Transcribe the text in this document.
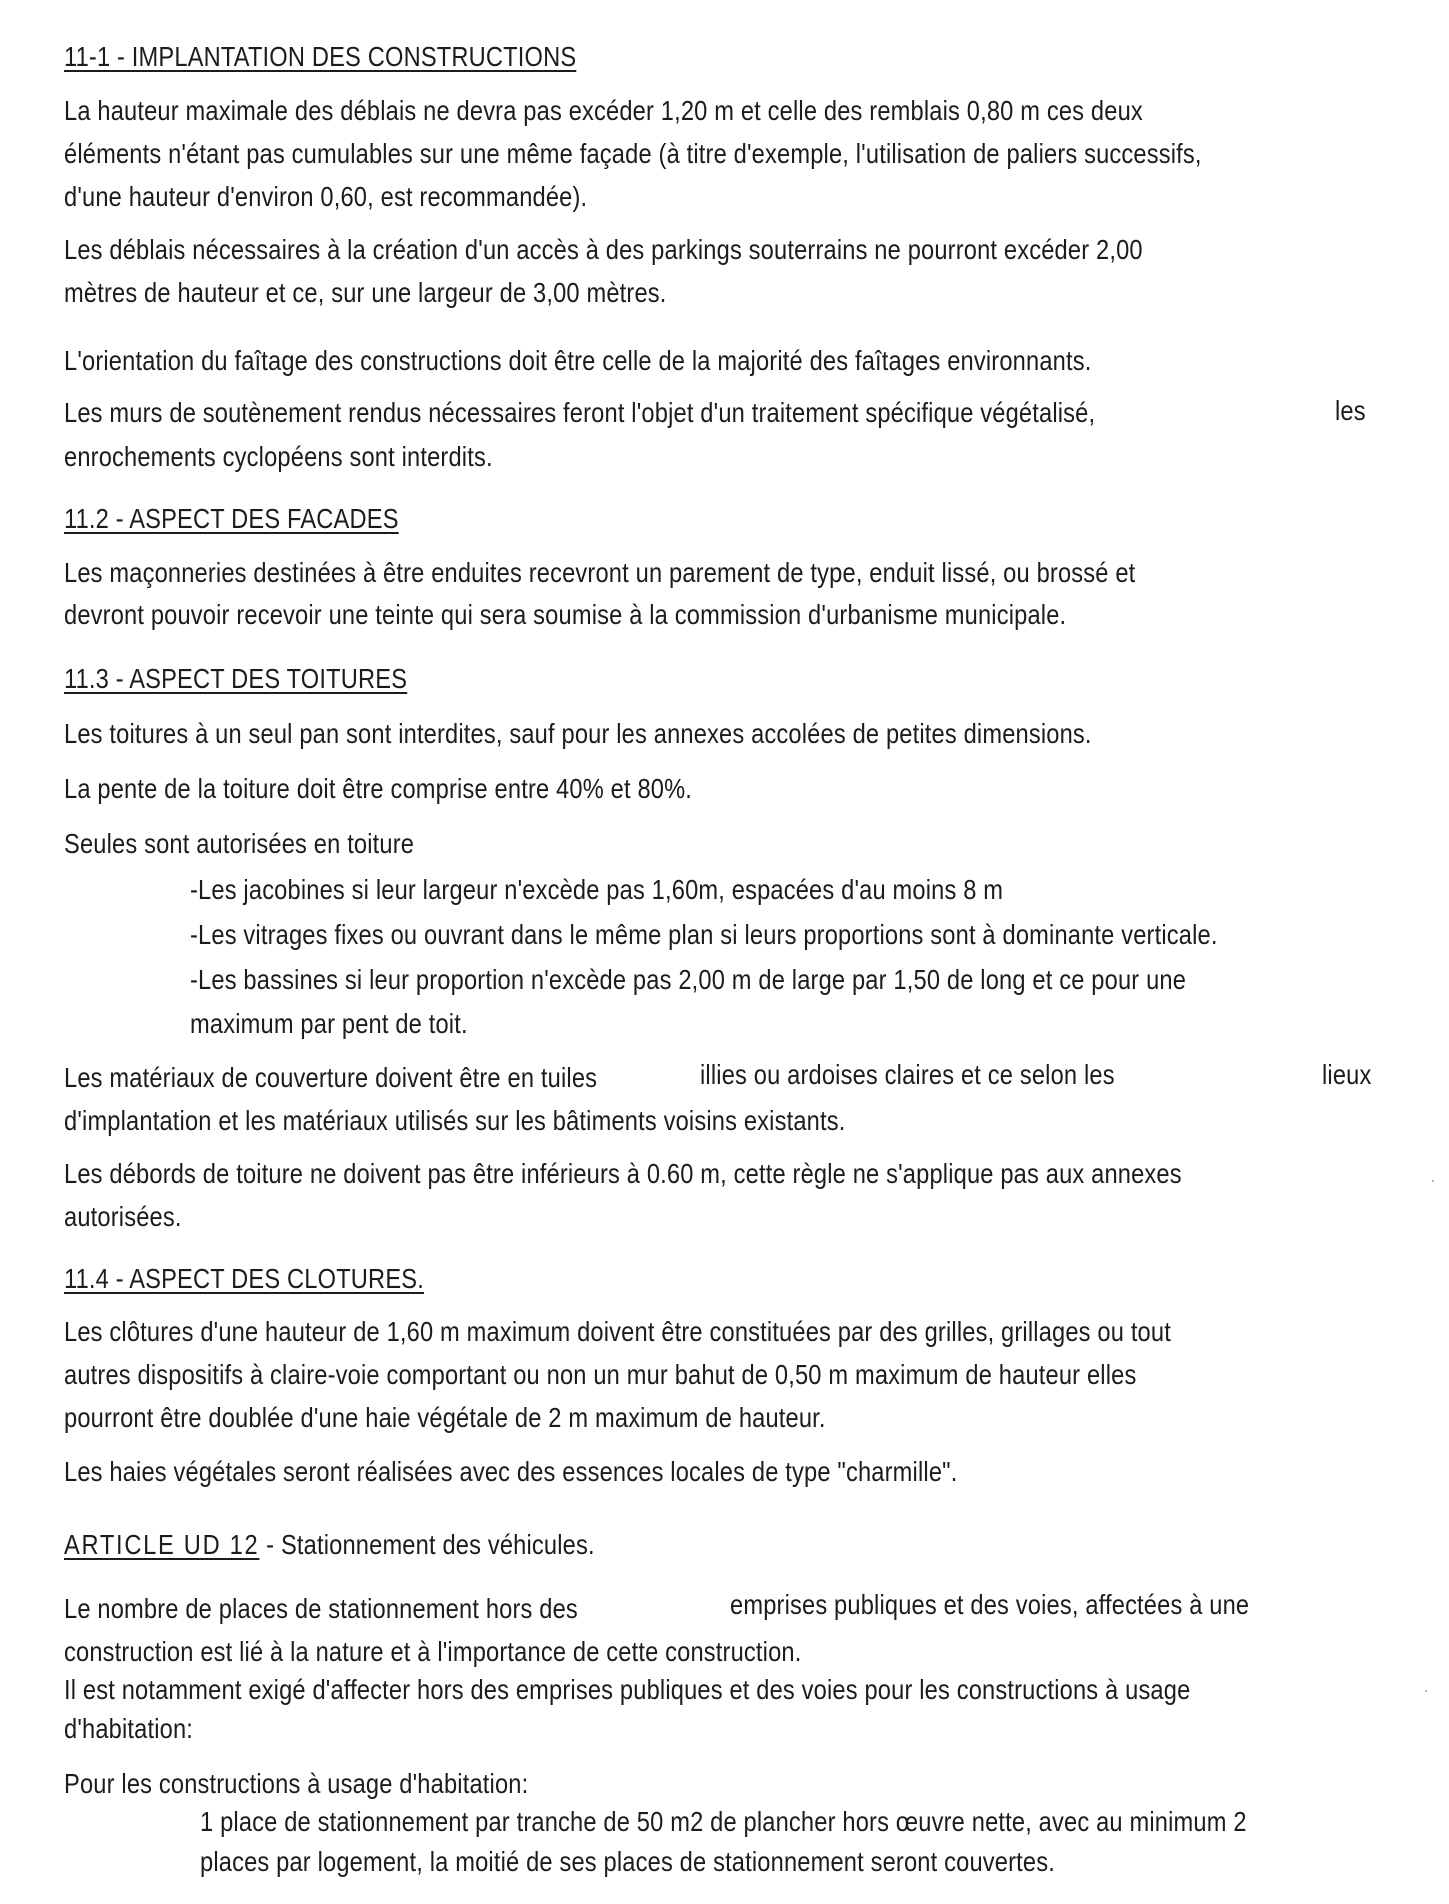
11-1 - IMPLANTATION DES CONSTRUCTIONS
La hauteur maximale des déblais ne devra pas excéder 1,20 m et celle des remblais 0,80 m ces deux
éléments n'étant pas cumulables sur une même façade (à titre d'exemple, l'utilisation de paliers successifs,
d'une hauteur d'environ 0,60, est recommandée).
Les déblais nécessaires à la création d'un accès à des parkings souterrains ne pourront excéder 2,00
mètres de hauteur et ce, sur une largeur de 3,00 mètres.
L'orientation du faîtage des constructions doit être celle de la majorité des faîtages environnants.
Les murs de soutènement rendus nécessaires feront l'objet d'un traitement spécifique végétalisé,	les
enrochements cyclopéens sont interdits.
11.2 - ASPECT DES FACADES
Les maçonneries destinées à être enduites recevront un parement de type, enduit lissé, ou brossé et
devront pouvoir recevoir une teinte qui sera soumise à la commission d'urbanisme municipale.
11.3 - ASPECT DES TOITURES
Les toitures à un seul pan sont interdites, sauf pour les annexes accolées de petites dimensions.
La pente de la toiture doit être comprise entre 40% et 80%.
Seules sont autorisées en toiture
-Les jacobines si leur largeur n'excède pas 1,60m, espacées d'au moins 8 m
-Les vitrages fixes ou ouvrant dans le même plan si leurs proportions sont à dominante verticale.
-Les bassines si leur proportion n'excède pas 2,00 m de large par 1,50 de long et ce pour une
maximum par pent de toit.
Les matériaux de couverture doivent être en tuiles	illies ou ardoises claires et ce selon les	lieux
d'implantation et les matériaux utilisés sur les bâtiments voisins existants.
Les débords de toiture ne doivent pas être inférieurs à 0.60 m, cette règle ne s'applique pas aux annexes
autorisées.
11.4 - ASPECT DES CLOTURES.
Les clôtures d'une hauteur de 1,60 m maximum doivent être constituées par des grilles, grillages ou tout
autres dispositifs à claire-voie comportant ou non un mur bahut de 0,50 m maximum de hauteur elles
pourront être doublée d'une haie végétale de 2 m maximum de hauteur.
Les haies végétales seront réalisées avec des essences locales de type "charmille".
ARTICLE UD 12 - Stationnement des véhicules.
Le nombre de places de stationnement hors des	emprises publiques et des voies, affectées à une
construction est lié à la nature et à l'importance de cette construction.
Il est notamment exigé d'affecter hors des emprises publiques et des voies pour les constructions à usage
d'habitation:
Pour les constructions à usage d'habitation:
1 place de stationnement par tranche de 50 m2 de plancher hors œuvre nette, avec au minimum 2
places par logement, la moitié de ses places de stationnement seront couvertes.
